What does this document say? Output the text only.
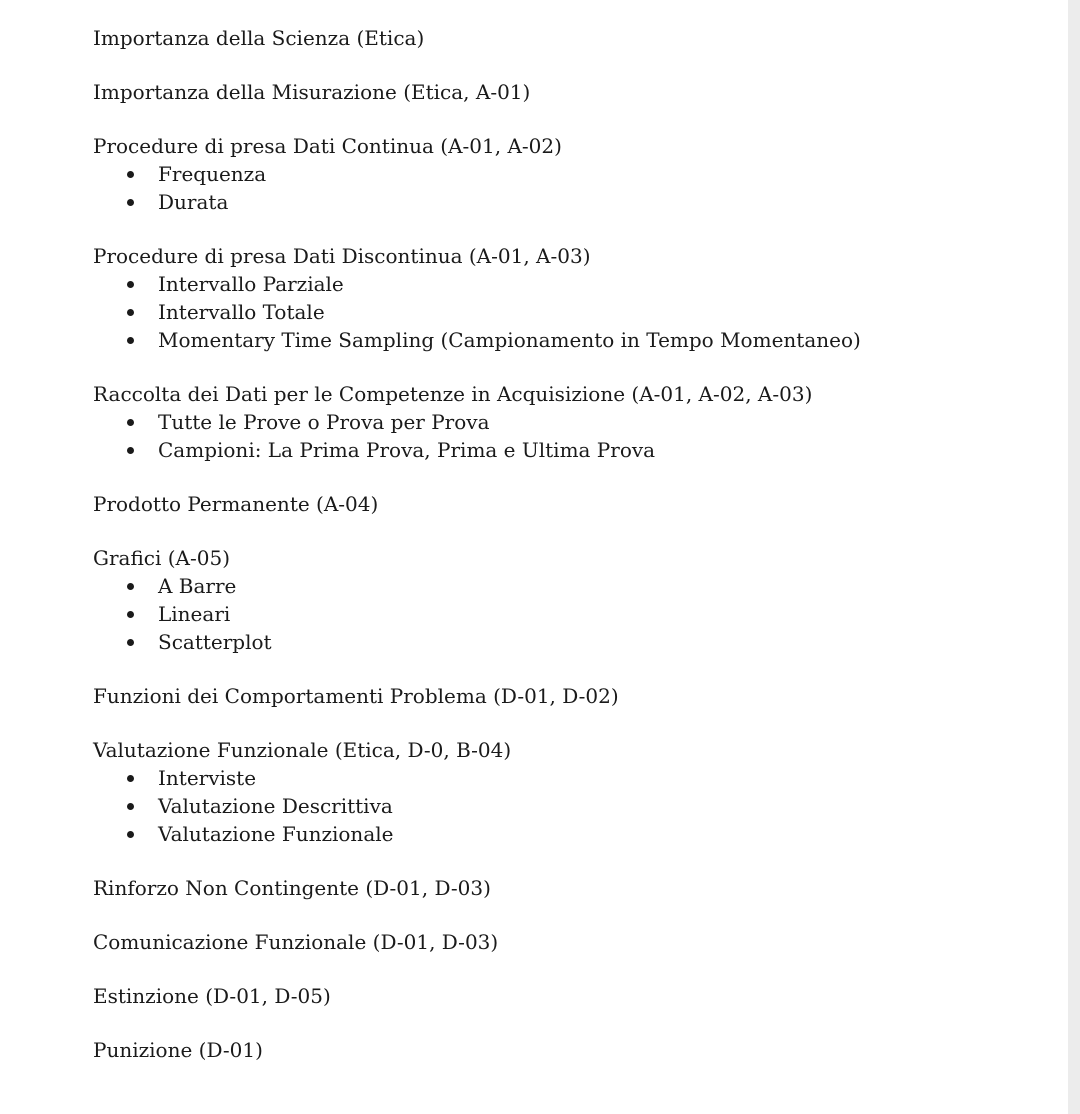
Importanza della Scienza (Etica)
Importanza della Misurazione (Etica, A-01)
Procedure di presa Dati Continua (A-01, A-02)
Frequenza
Durata
Procedure di presa Dati Discontinua (A-01, A-03)
Intervallo Parziale
Intervallo Totale
Momentary Time Sampling (Campionamento in Tempo Momentaneo)
Raccolta dei Dati per le Competenze in Acquisizione (A-01, A-02, A-03)
Tutte le Prove o Prova per Prova
Campioni: La Prima Prova, Prima e Ultima Prova
Prodotto Permanente (A-04)
Grafici (A-05)
A Barre
Lineari
Scatterplot
Funzioni dei Comportamenti Problema (D-01, D-02)
Valutazione Funzionale (Etica, D-0, B-04)
Interviste
Valutazione Descrittiva
Valutazione Funzionale
Rinforzo Non Contingente (D-01, D-03)
Comunicazione Funzionale (D-01, D-03)
Estinzione (D-01, D-05)
Punizione (D-01)
